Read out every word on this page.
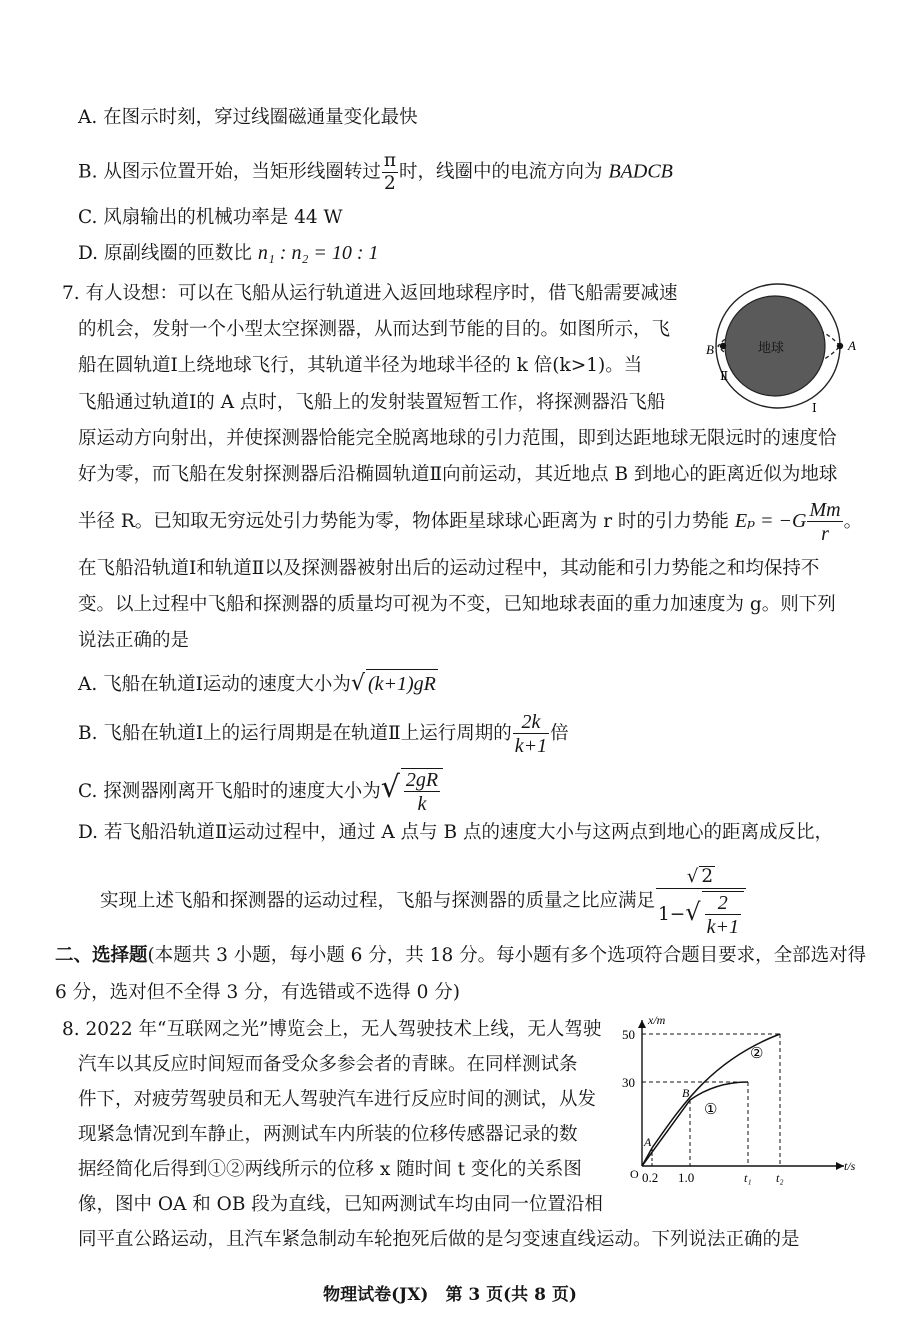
A. 在图示时刻，穿过线圈磁通量变化最快
B. 从图示位置开始，当矩形线圈转过 $\frac{\pi}{2}$ 时，线圈中的电流方向为 BADCB
C. 风扇输出的机械功率是 44 W
D. 原副线圈的匝数比 n₁ : n₂ = 10 : 1
7. 有人设想：可以在飞船从运行轨道进入返回地球程序时，借飞船需要减速
的机会，发射一个小型太空探测器，从而达到节能的目的。如图所示，飞
船在圆轨道Ⅰ上绕地球飞行，其轨道半径为地球半径的 k 倍(k>1)。当
飞船通过轨道Ⅰ的 A 点时，飞船上的发射装置短暂工作，将探测器沿飞船
原运动方向射出，并使探测器恰能完全脱离地球的引力范围，即到达距地球无限远时的速度恰
好为零，而飞船在发射探测器后沿椭圆轨道Ⅱ向前运动，其近地点 B 到地心的距离近似为地球
半径 R。已知取无穷远处引力势能为零，物体距星球球心距离为 r 时的引力势能 $E_p = -G \frac{Mm}{r}$ 。
在飞船沿轨道Ⅰ和轨道Ⅱ以及探测器被射出后的运动过程中，其动能和引力势能之和均保持不
变。以上过程中飞船和探测器的质量均可视为不变，已知地球表面的重力加速度为 g。则下列
说法正确的是
A. 飞船在轨道Ⅰ运动的速度大小为√ (k+1)gR
B. 飞船在轨道Ⅰ上的运行周期是在轨道Ⅱ上运行周期的 $\frac{2k}{k+1}$ 倍
C. 探测器刚离开飞船时的速度大小为√ $\frac{2gR}{k}$
D. 若飞船沿轨道Ⅱ运动过程中，通过 A 点与 B 点的速度大小与这两点到地心的距离成反比，
实现上述飞船和探测器的运动过程，飞船与探测器的质量之比应满足 $\frac{√ 2}{1-√ \frac{2}{k+1}}$
地球	A
B
Ⅱ
Ⅰ
二、选择题(本题共 3 小题，每小题 6 分，共 18 分。每小题有多个选项符合题目要求，全部选对得
6 分，选对但不全得 3 分，有选错或不选得 0 分)
8. 2022 年“互联网之光”博览会上，无人驾驶技术上线，无人驾驶
汽车以其反应时间短而备受众多参会者的青睐。在同样测试条
件下，对疲劳驾驶员和无人驾驶汽车进行反应时间的测试，从发
现紧急情况到车静止，两测试车内所装的位移传感器记录的数
据经简化后得到①②两线所示的位移 x 随时间 t 变化的关系图
像，图中 OA 和 OB 段为直线，已知两测试车均由同一位置沿相
同平直公路运动，且汽车紧急制动车轮抱死后做的是匀变速直线运动。下列说法正确的是
x/m
t/s
O
50
30
0.2 1.0	t₁ t₂
A
B
①
②
物理试卷(JX)　第 3 页(共 8 页)
